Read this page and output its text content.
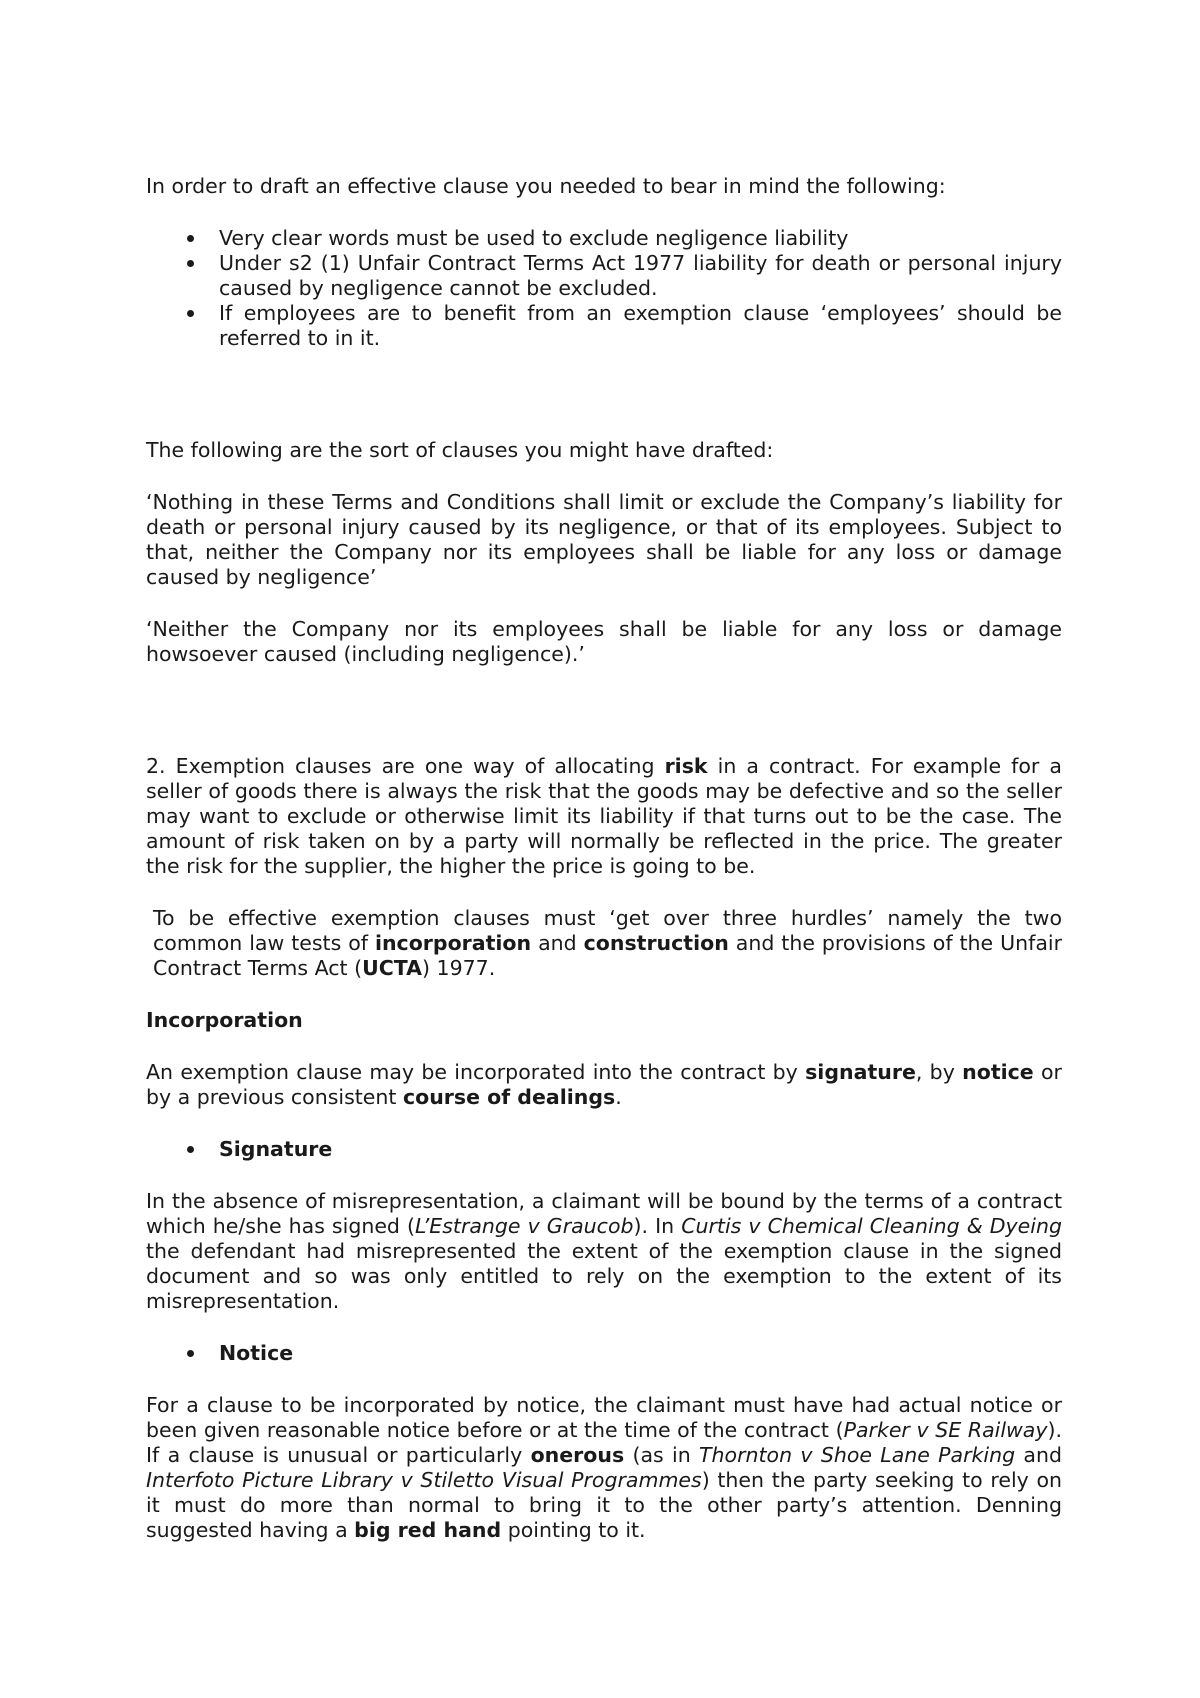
In order to draft an effective clause you needed to bear in mind the following:

Very clear words must be used to exclude negligence liability
Under s2 (1) Unfair Contract Terms Act 1977 liability for death or personal injury caused by negligence cannot be excluded.
If employees are to benefit from an exemption clause ‘employees’ should be referred to in it.

The following are the sort of clauses you might have drafted:

‘Nothing in these Terms and Conditions shall limit or exclude the Company’s liability for death or personal injury caused by its negligence, or that of its employees. Subject to that, neither the Company nor its employees shall be liable for any loss or damage caused by negligence’

‘Neither the Company nor its employees shall be liable for any loss or damage howsoever caused (including negligence).’

2. Exemption clauses are one way of allocating risk in a contract. For example for a seller of goods there is always the risk that the goods may be defective and so the seller may want to exclude or otherwise limit its liability if that turns out to be the case. The amount of risk taken on by a party will normally be reflected in the price. The greater the risk for the supplier, the higher the price is going to be.

To be effective exemption clauses must ‘get over three hurdles’ namely the two common law tests of incorporation and construction and the provisions of the Unfair Contract Terms Act (UCTA) 1977.

Incorporation

An exemption clause may be incorporated into the contract by signature, by notice or by a previous consistent course of dealings.

Signature

In the absence of misrepresentation, a claimant will be bound by the terms of a contract which he/she has signed (L’Estrange v Graucob). In Curtis v Chemical Cleaning & Dyeing the defendant had misrepresented the extent of the exemption clause in the signed document and so was only entitled to rely on the exemption to the extent of its misrepresentation.

Notice

For a clause to be incorporated by notice, the claimant must have had actual notice or been given reasonable notice before or at the time of the contract (Parker v SE Railway). If a clause is unusual or particularly onerous (as in Thornton v Shoe Lane Parking and Interfoto Picture Library v Stiletto Visual Programmes) then the party seeking to rely on it must do more than normal to bring it to the other party’s attention. Denning suggested having a big red hand pointing to it.
